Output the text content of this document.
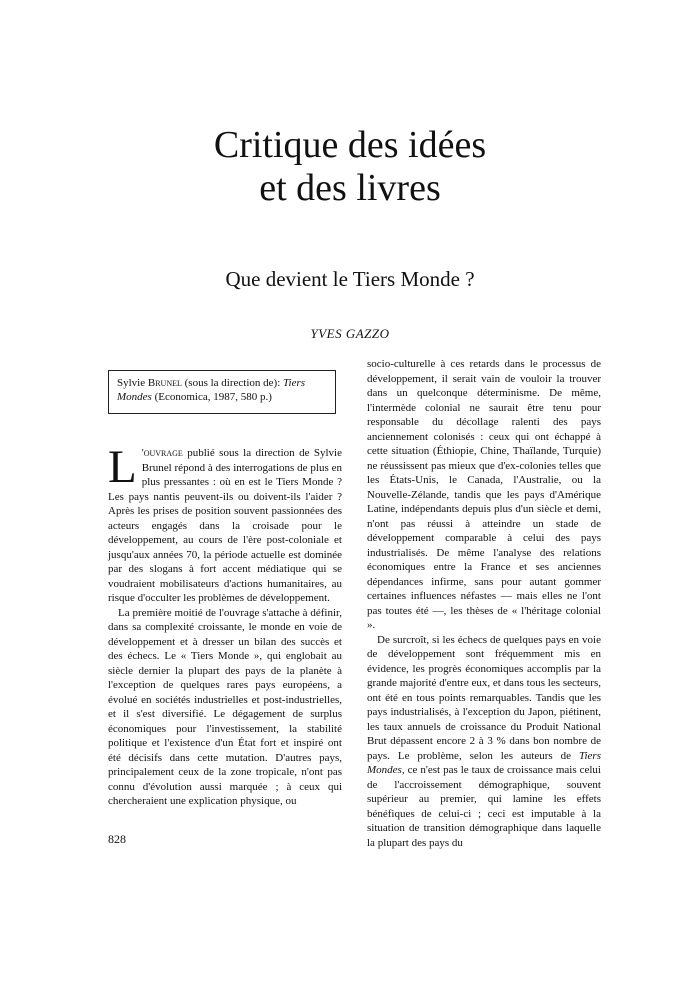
Critique des idées
et des livres
Que devient le Tiers Monde ?
YVES GAZZO
Sylvie Brunel (sous la direction de): Tiers Mondes (Economica, 1987, 580 p.)

L 'ouvrage publié sous la direction de Sylvie Brunel répond à des interrogations de plus en plus pressantes : où en est le Tiers Monde ? Les pays nantis peuvent-ils ou doivent-ils l'aider ? Après les prises de position souvent passionnées des acteurs engagés dans la croisade pour le développement, au cours de l'ère post-coloniale et jusqu'aux années 70, la période actuelle est dominée par des slogans à fort accent médiatique qui se voudraient mobilisateurs d'actions humanitaires, au risque d'occulter les problèmes de développement.

La première moitié de l'ouvrage s'attache à définir, dans sa complexité croissante, le monde en voie de développement et à dresser un bilan des succès et des échecs. Le « Tiers Monde », qui englobait au siècle dernier la plupart des pays de la planète à l'exception de quelques rares pays européens, a évolué en sociétés industrielles et post-industrielles, et il s'est diversifié. Le dégagement de surplus économiques pour l'investissement, la stabilité politique et l'existence d'un État fort et inspiré ont été décisifs dans cette mutation. D'autres pays, principalement ceux de la zone tropicale, n'ont pas connu d'évolution aussi marquée ; à ceux qui chercheraient une explication physique, ou

socio-culturelle à ces retards dans le processus de développement, il serait vain de vouloir la trouver dans un quelconque déterminisme. De même, l'intermède colonial ne saurait être tenu pour responsable du décollage ralenti des pays anciennement colonisés : ceux qui ont échappé à cette situation (Éthiopie, Chine, Thaïlande, Turquie) ne réussissent pas mieux que d'ex-colonies telles que les États-Unis, le Canada, l'Australie, ou la Nouvelle-Zélande, tandis que les pays d'Amérique Latine, indépendants depuis plus d'un siècle et demi, n'ont pas réussi à atteindre un stade de développement comparable à celui des pays industrialisés. De même l'analyse des relations économiques entre la France et ses anciennes dépendances infirme, sans pour autant gommer certaines influences néfastes — mais elles ne l'ont pas toutes été —, les thèses de « l'héritage colonial ».

De surcroît, si les échecs de quelques pays en voie de développement sont fréquemment mis en évidence, les progrès économiques accomplis par la grande majorité d'entre eux, et dans tous les secteurs, ont été en tous points remarquables. Tandis que les pays industrialisés, à l'exception du Japon, piétinent, les taux annuels de croissance du Produit National Brut dépassent encore 2 à 3 % dans bon nombre de pays. Le problème, selon les auteurs de Tiers Mondes, ce n'est pas le taux de croissance mais celui de l'accroissement démographique, souvent supérieur au premier, qui lamine les effets bénéfiques de celui-ci ; ceci est imputable à la situation de transition démographique dans laquelle la plupart des pays du

828
